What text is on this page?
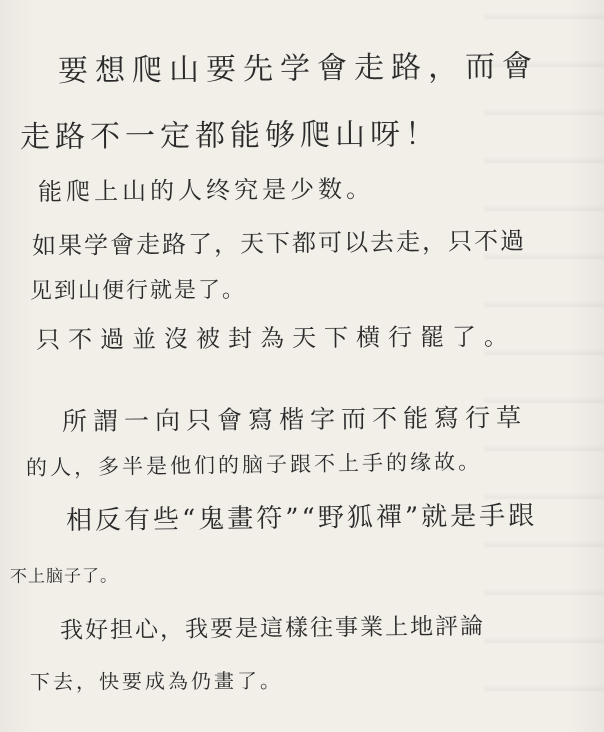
要想爬山要先学會走路，而會
走路不一定都能够爬山呀！
能爬上山的人终究是少数。
如果学會走路了，天下都可以去走，只不過
见到山便行就是了。
只不過並沒被封為天下横行罷了。
所謂一向只會寫楷字而不能寫行草
的人，多半是他们的脑子跟不上手的缘故。
相反有些“鬼畫符”“野狐禪”就是手跟
不上脑子了。
我好担心，我要是這樣往事業上地評論
下去，快要成為仍畫了。
